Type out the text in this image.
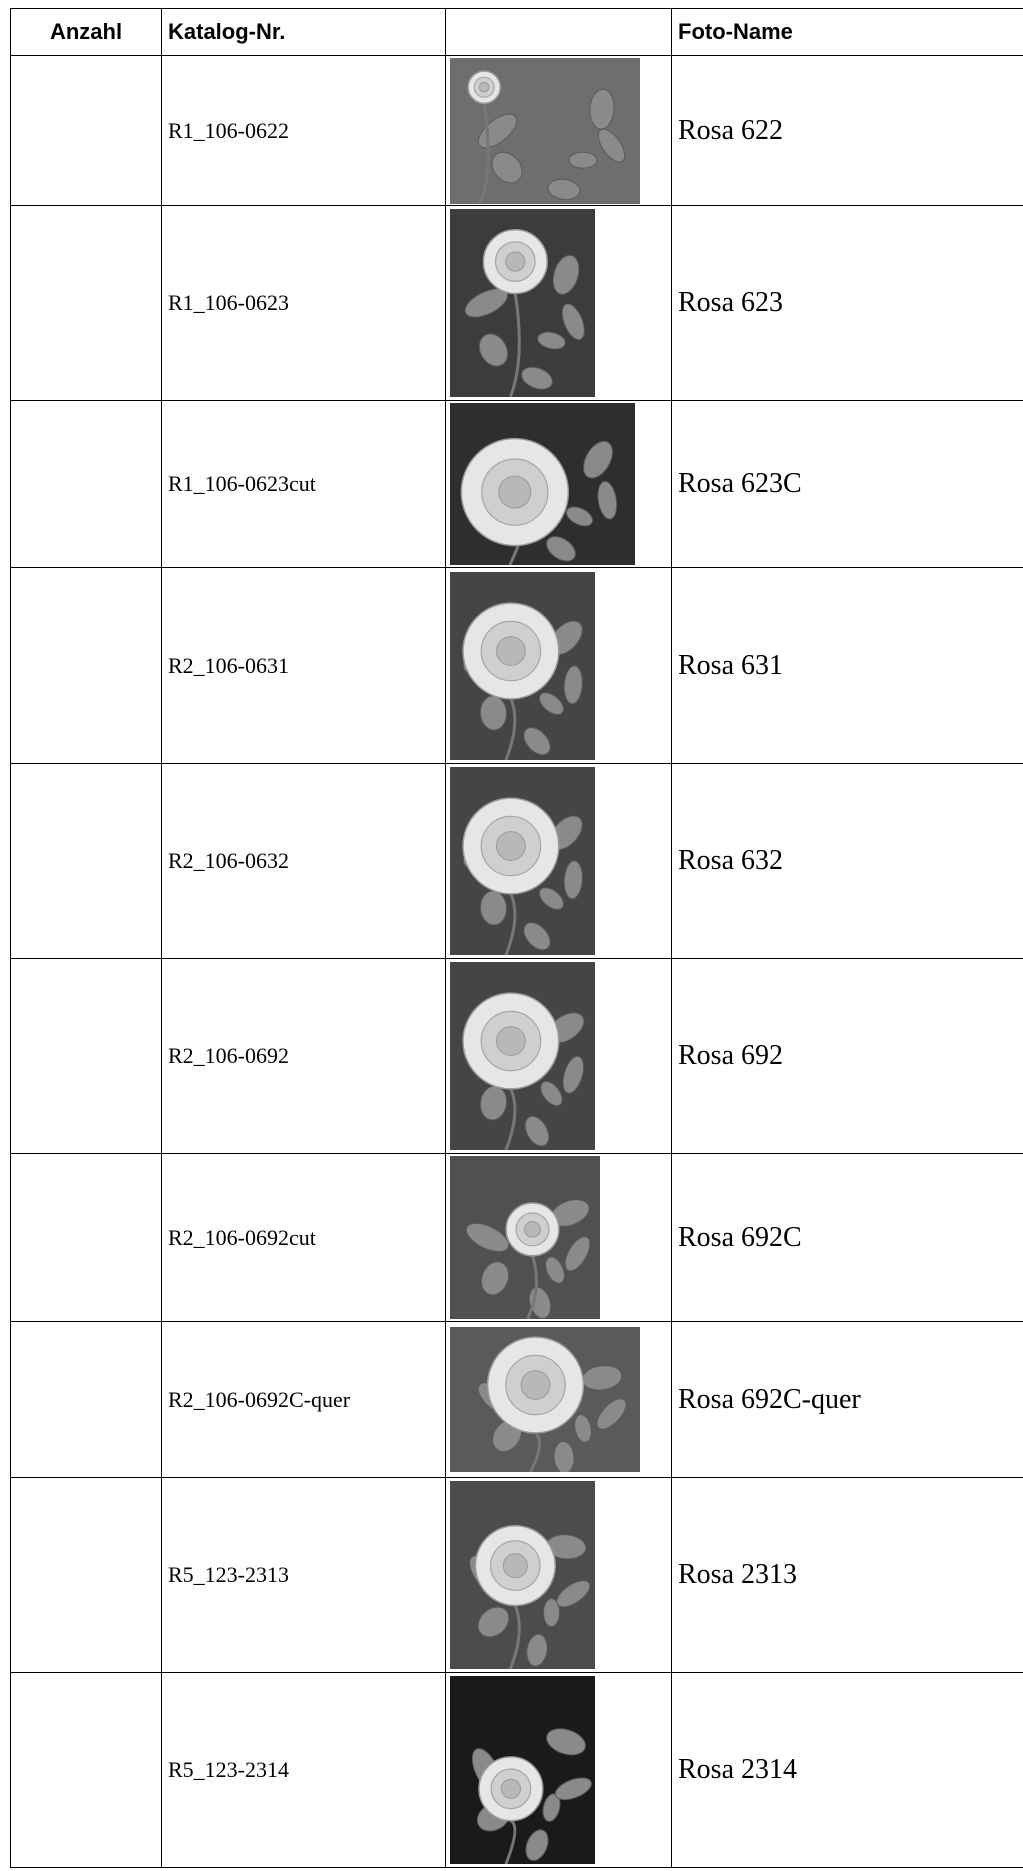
Anzahl	Katalog-Nr.		Foto-Name
	R1_106-0622		Rosa 622
	R1_106-0623		Rosa 623
	R1_106-0623cut		Rosa 623C
	R2_106-0631		Rosa 631
	R2_106-0632		Rosa 632
	R2_106-0692		Rosa 692
	R2_106-0692cut		Rosa 692C
	R2_106-0692C-quer		Rosa 692C-quer
	R5_123-2313		Rosa 2313
	R5_123-2314		Rosa 2314
